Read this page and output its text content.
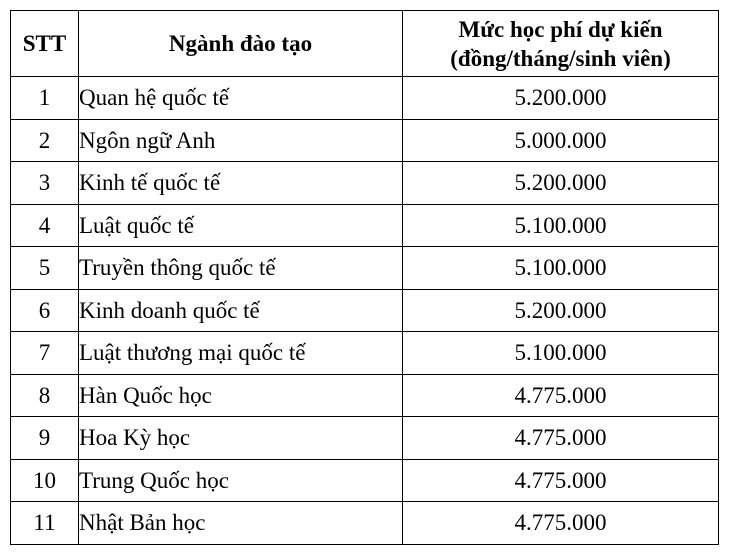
STT	Ngành đào tạo	Mức học phí dự kiến
(đồng/tháng/sinh viên)

1	Quan hệ quốc tế	5.200.000
2	Ngôn ngữ Anh	5.000.000
3	Kinh tế quốc tế	5.200.000
4	Luật quốc tế	5.100.000
5	Truyền thông quốc tế	5.100.000
6	Kinh doanh quốc tế	5.200.000
7	Luật thương mại quốc tế	5.100.000
8	Hàn Quốc học	4.775.000
9	Hoa Kỳ học	4.775.000
10	Trung Quốc học	4.775.000
11	Nhật Bản học	4.775.000
